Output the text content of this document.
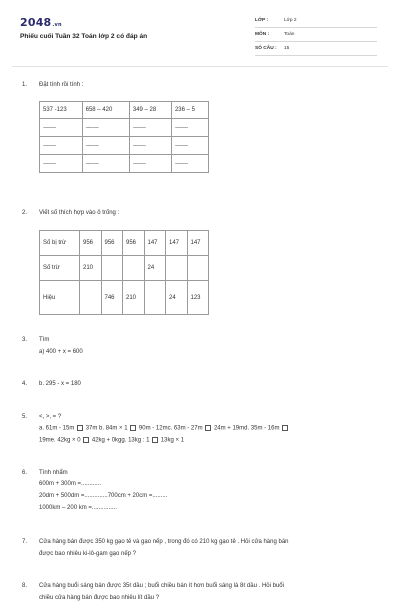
2048.vn
Phiếu cuối Tuần 32 Toán lớp 2 có đáp án
LỚP :	Lớp 2
MÔN :	Toán
SỐ CÂU : 15
1. Đặt tính rồi tính :
537 -123	658 – 420	349 – 28	236 – 5
--------	--------	--------	--------
--------	--------	--------	--------
--------	--------	--------	--------
2. Viết số thích hợp vào ô trống :
Số bị trừ	956	956	956	147	147	147
Số trừ	210			24		
Hiệu		746	210		24	123
3. Tìm
a) 400 + x = 600
4. b. 295 - x = 180
5. <, >, = ?
a. 61m - 15m 37m b. 84m × 1 90m - 12mc. 63m - 27m 24m + 19md. 35m - 16m
19me. 42kg × 0 42kg + 0kgg. 13kg : 1 13kg × 1
6. Tính nhẩm
600m + 300m =............
20dm + 500dm =..............700cm + 20cm =.........
1000km – 200 km =...............
7. Cửa hàng bán được 350 kg gạo tẻ và gạo nếp , trong đó có 210 kg gạo tẻ . Hỏi cửa hàng bán
được bao nhiêu ki-lô-gam gạo nếp ?
8. Cửa hàng buổi sáng bán được 35ℓ dầu ; buổi chiều bán ít hơn buổi sáng là 8ℓ dầu . Hỏi buổi
chiều cửa hàng bán được bao nhiêu lít dầu ?
